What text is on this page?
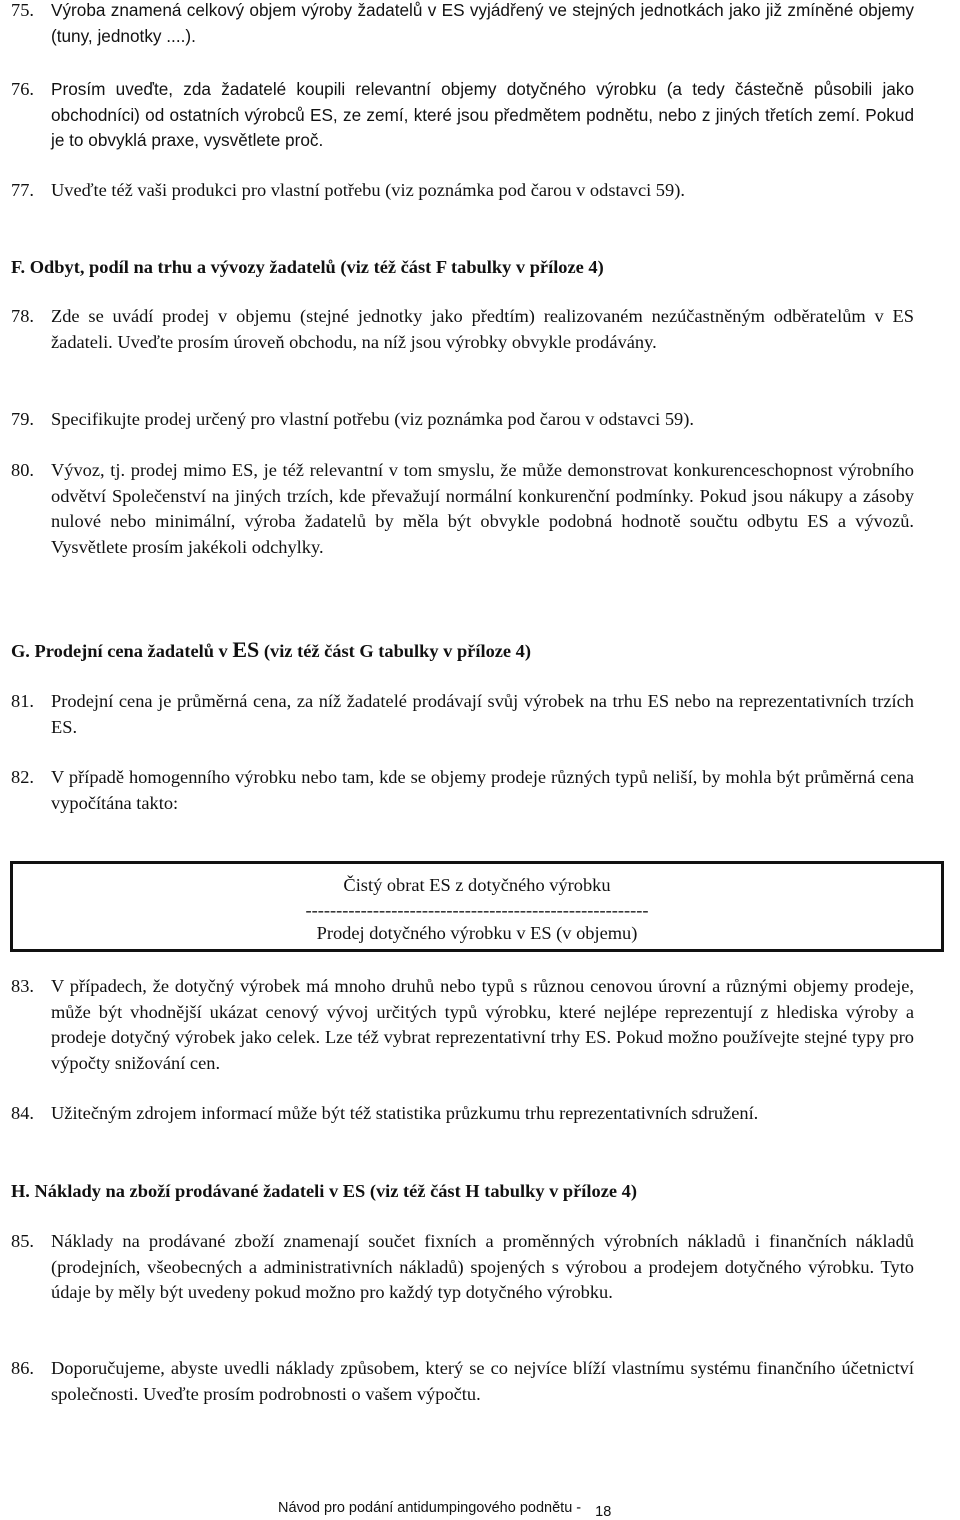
75. Výroba znamená celkový objem výroby žadatelů v ES vyjádřený ve stejných jednotkách jako již zmíněné objemy (tuny, jednotky ....).
76. Prosím uveďte, zda žadatelé koupili relevantní objemy dotyčného výrobku (a tedy částečně působili jako obchodníci) od ostatních výrobců ES, ze zemí, které jsou předmětem podnětu, nebo z jiných třetích zemí. Pokud je to obvyklá praxe, vysvětlete proč.
77. Uveďte též vaši produkci pro vlastní potřebu (viz poznámka pod čarou v odstavci 59).
F. Odbyt, podíl na trhu a vývozy žadatelů (viz též část F tabulky v příloze 4)
78. Zde se uvádí prodej v objemu (stejné jednotky jako předtím) realizovaném nezúčastněným odběratelům v ES žadateli. Uveďte prosím úroveň obchodu, na níž jsou výrobky obvykle prodávány.
79. Specifikujte prodej určený pro vlastní potřebu (viz poznámka pod čarou v odstavci 59).
80. Vývoz, tj. prodej mimo ES, je též relevantní v tom smyslu, že může demonstrovat konkurenceschopnost výrobního odvětví Společenství na jiných trzích, kde převažují normální konkurenční podmínky. Pokud jsou nákupy a zásoby nulové nebo minimální, výroba žadatelů by měla být obvykle podobná hodnotě součtu odbytu ES a vývozů. Vysvětlete prosím jakékoli odchylky.
G. Prodejní cena žadatelů v ES (viz též část G tabulky v příloze 4)
81. Prodejní cena je průměrná cena, za níž žadatelé prodávají svůj výrobek na trhu ES nebo na reprezentativních trzích ES.
82. V případě homogenního výrobku nebo tam, kde se objemy prodeje různých typů neliší, by mohla být průměrná cena vypočítána takto:
Čistý obrat ES z dotyčného výrobku
--------------------------------------------------------
Prodej dotyčného výrobku v ES (v objemu)
83. V případech, že dotyčný výrobek má mnoho druhů nebo typů s různou cenovou úrovní a různými objemy prodeje, může být vhodnější ukázat cenový vývoj určitých typů výrobku, které nejlépe reprezentují z hlediska výroby a prodeje dotyčný výrobek jako celek. Lze též vybrat reprezentativní trhy ES. Pokud možno používejte stejné typy pro výpočty snižování cen.
84. Užitečným zdrojem informací může být též statistika průzkumu trhu reprezentativních sdružení.
H. Náklady na zboží prodávané žadateli v ES (viz též část H tabulky v příloze 4)
85. Náklady na prodávané zboží znamenají součet fixních a proměnných výrobních nákladů i finančních nákladů (prodejních, všeobecných a administrativních nákladů) spojených s výrobou a prodejem dotyčného výrobku. Tyto údaje by měly být uvedeny pokud možno pro každý typ dotyčného výrobku.
86. Doporučujeme, abyste uvedli náklady způsobem, který se co nejvíce blíží vlastnímu systému finančního účetnictví společnosti. Uveďte prosím podrobnosti o vašem výpočtu.
Návod pro podání antidumpingového podnětu - 18
